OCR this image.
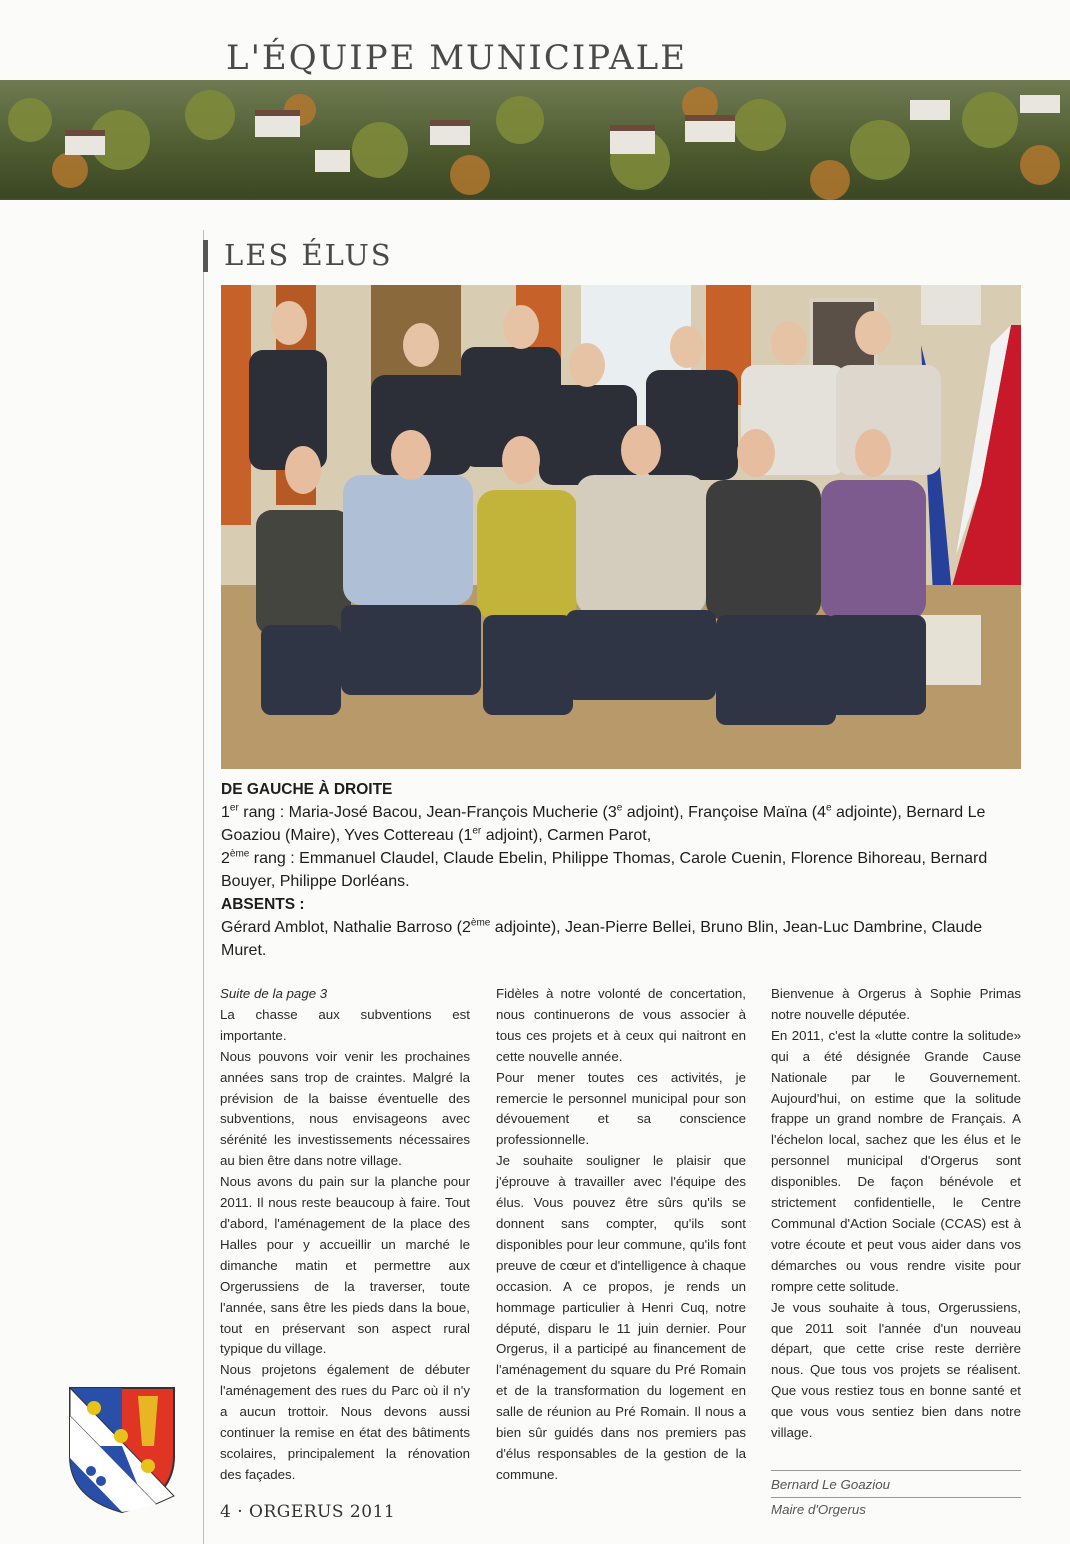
L'ÉQUIPE MUNICIPALE
LES ÉLUS

DE GAUCHE À DROITE

1er rang : Maria-José Bacou, Jean-François Mucherie (3e adjoint), Françoise Maïna (4e adjointe), Bernard Le Goaziou (Maire), Yves Cottereau (1er adjoint), Carmen Parot,

2ème rang : Emmanuel Claudel, Claude Ebelin, Philippe Thomas, Carole Cuenin, Florence Bihoreau, Bernard Bouyer, Philippe Dorléans.

ABSENTS :

Gérard Amblot, Nathalie Barroso (2ème adjointe), Jean-Pierre Bellei, Bruno Blin, Jean-Luc Dambrine, Claude Muret.

Suite de la page 3

La chasse aux subventions est importante.

Nous pouvons voir venir les prochaines années sans trop de craintes. Malgré la prévision de la baisse éventuelle des subventions, nous envisageons avec sérénité les investissements nécessaires au bien être dans notre village.

Nous avons du pain sur la planche pour 2011. Il nous reste beaucoup à faire. Tout d'abord, l'aménagement de la place des Halles pour y accueillir un marché le dimanche matin et permettre aux Orgerussiens de la traverser, toute l'année, sans être les pieds dans la boue, tout en préservant son aspect rural typique du village.

Nous projetons également de débuter l'aménagement des rues du Parc où il n'y a aucun trottoir. Nous devons aussi continuer la remise en état des bâtiments scolaires, principalement la rénovation des façades.

Fidèles à notre volonté de concertation, nous continuerons de vous associer à tous ces projets et à ceux qui naitront en cette nouvelle année.

Pour mener toutes ces activités, je remercie le personnel municipal pour son dévouement et sa conscience professionnelle.

Je souhaite souligner le plaisir que j'éprouve à travailler avec l'équipe des élus. Vous pouvez être sûrs qu'ils se donnent sans compter, qu'ils sont disponibles pour leur commune, qu'ils font preuve de cœur et d'intelligence à chaque occasion. A ce propos, je rends un hommage particulier à Henri Cuq, notre député, disparu le 11 juin dernier. Pour Orgerus, il a participé au financement de l'aménagement du square du Pré Romain et de la transformation du logement en salle de réunion au Pré Romain. Il nous a bien sûr guidés dans nos premiers pas d'élus responsables de la gestion de la commune.

Bienvenue à Orgerus à Sophie Primas notre nouvelle députée.

En 2011, c'est la «lutte contre la solitude» qui a été désignée Grande Cause Nationale par le Gouvernement. Aujourd'hui, on estime que la solitude frappe un grand nombre de Français. A l'échelon local, sachez que les élus et le personnel municipal d'Orgerus sont disponibles. De façon bénévole et strictement confidentielle, le Centre Communal d'Action Sociale (CCAS) est à votre écoute et peut vous aider dans vos démarches ou vous rendre visite pour rompre cette solitude.

Je vous souhaite à tous, Orgerussiens, que 2011 soit l'année d'un nouveau départ, que cette crise reste derrière nous. Que tous vos projets se réalisent. Que vous restiez tous en bonne santé et que vous vous sentiez bien dans notre village.

Bernard Le Goaziou
Maire d'Orgerus
4 · ORGERUS 2011
